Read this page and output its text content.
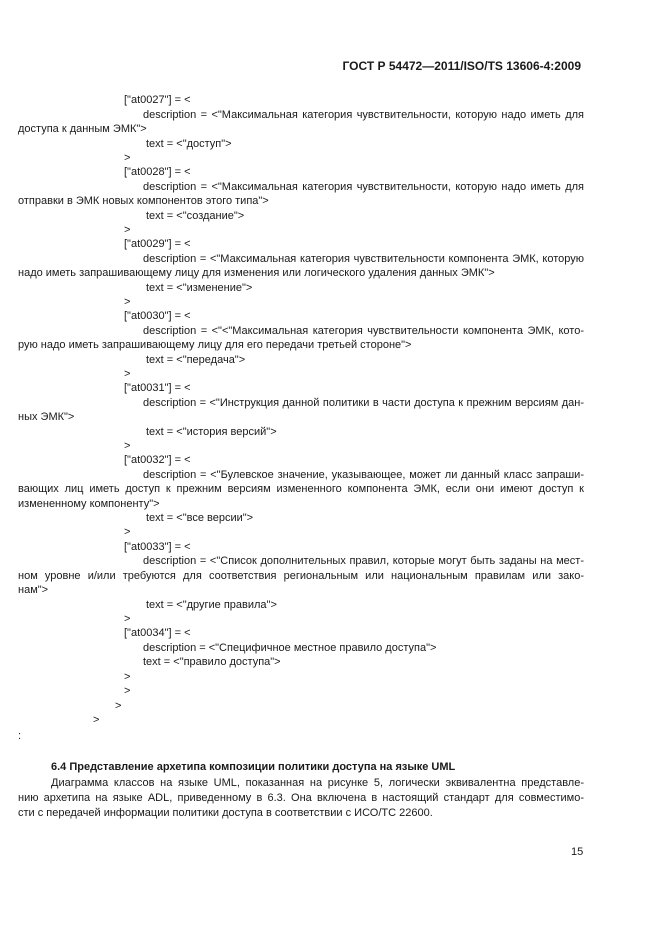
ГОСТ Р 54472—2011/ISO/TS 13606-4:2009
["at0027"] = <
description = <"Максимальная категория чувствительности, которую надо иметь для
доступа к данным ЭМК">
text = <"доступ">
>
["at0028"] = <
description = <"Максимальная категория чувствительности, которую надо иметь для
отправки в ЭМК новых компонентов этого типа">
text = <"создание">
>
["at0029"] = <
description = <"Максимальная категория чувствительности компонента ЭМК, которую
надо иметь запрашивающему лицу для изменения или логического удаления данных ЭМК">
text = <"изменение">
>
["at0030"] = <
description = <"<"Максимальная категория чувствительности компонента ЭМК, кото-
рую надо иметь запрашивающему лицу для его передачи третьей стороне">
text = <"передача">
>
["at0031"] = <
description = <"Инструкция данной политики в части доступа к прежним версиям дан-
ных ЭМК">
text = <"история версий">
>
["at0032"] = <
description = <"Булевское значение, указывающее, может ли данный класс запраши-
вающих лиц иметь доступ к прежним версиям измененного компонента ЭМК, если они имеют доступ к
измененному компоненту">
text = <"все версии">
>
["at0033"] = <
description = <"Список дополнительных правил, которые могут быть заданы на мест-
ном уровне и/или требуются для соответствия региональным или национальным правилам или зако-
нам">
text = <"другие правила">
>
["at0034"] = <
description = <"Специфичное местное правило доступа">
text = <"правило доступа">
>
>
>
>
:
6.4 Представление архетипа композиции политики доступа на языке UML
Диаграмма классов на языке UML, показанная на рисунке 5, логически эквивалентна представле-
нию архетипа на языке ADL, приведенному в 6.3. Она включена в настоящий стандарт для совместимо-
сти с передачей информации политики доступа в соответствии с ИСО/ТС 22600.
15
